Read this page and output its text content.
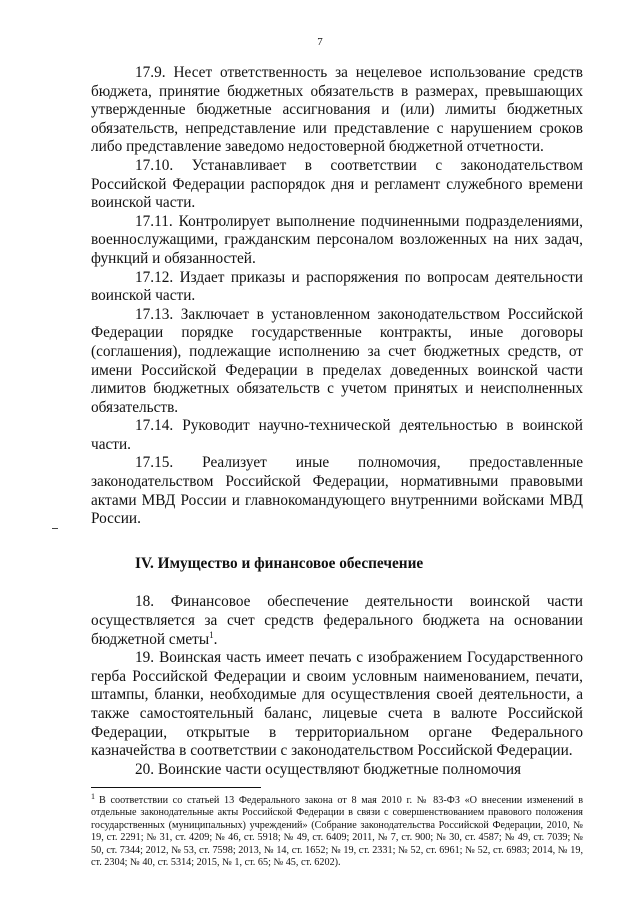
7

17.9. Несет ответственность за нецелевое использование средств бюджета, принятие бюджетных обязательств в размерах, превышающих утвержденные бюджетные ассигнования и (или) лимиты бюджетных обязательств, непредставление или представление с нарушением сроков либо представление заведомо недостоверной бюджетной отчетности.

17.10. Устанавливает в соответствии с законодательством Российской Федерации распорядок дня и регламент служебного времени воинской части.

17.11. Контролирует выполнение подчиненными подразделениями, военнослужащими, гражданским персоналом возложенных на них задач, функций и обязанностей.

17.12. Издает приказы и распоряжения по вопросам деятельности воинской части.

17.13. Заключает в установленном законодательством Российской Федерации порядке государственные контракты, иные договоры (соглашения), подлежащие исполнению за счет бюджетных средств, от имени Российской Федерации в пределах доведенных воинской части лимитов бюджетных обязательств с учетом принятых и неисполненных обязательств.

17.14. Руководит научно-технической деятельностью в воинской части.

17.15. Реализует иные полномочия, предоставленные законодательством Российской Федерации, нормативными правовыми актами МВД России и главнокомандующего внутренними войсками МВД России.

IV. Имущество и финансовое обеспечение

18. Финансовое обеспечение деятельности воинской части осуществляется за счет средств федерального бюджета на основании бюджетной сметы$^1$.

19. Воинская часть имеет печать с изображением Государственного герба Российской Федерации и своим условным наименованием, печати, штампы, бланки, необходимые для осуществления своей деятельности, а также самостоятельный баланс, лицевые счета в валюте Российской Федерации, открытые в территориальном органе Федерального казначейства в соответствии с законодательством Российской Федерации.

20. Воинские части осуществляют бюджетные полномочия

$^1$ В соответствии со статьей 13 Федерального закона от 8 мая 2010 г. № 83-ФЗ «О внесении изменений в отдельные законодательные акты Российской Федерации в связи с совершенствованием правового положения государственных (муниципальных) учреждений» (Собрание законодательства Российской Федерации, 2010, № 19, ст. 2291; № 31, ст. 4209; № 46, ст. 5918; № 49, ст. 6409; 2011, № 7, ст. 900; № 30, ст. 4587; № 49, ст. 7039; № 50, ст. 7344; 2012, № 53, ст. 7598; 2013, № 14, ст. 1652; № 19, ст. 2331; № 52, ст. 6961; № 52, ст. 6983; 2014, № 19, ст. 2304; № 40, ст. 5314; 2015, № 1, ст. 65; № 45, ст. 6202).
